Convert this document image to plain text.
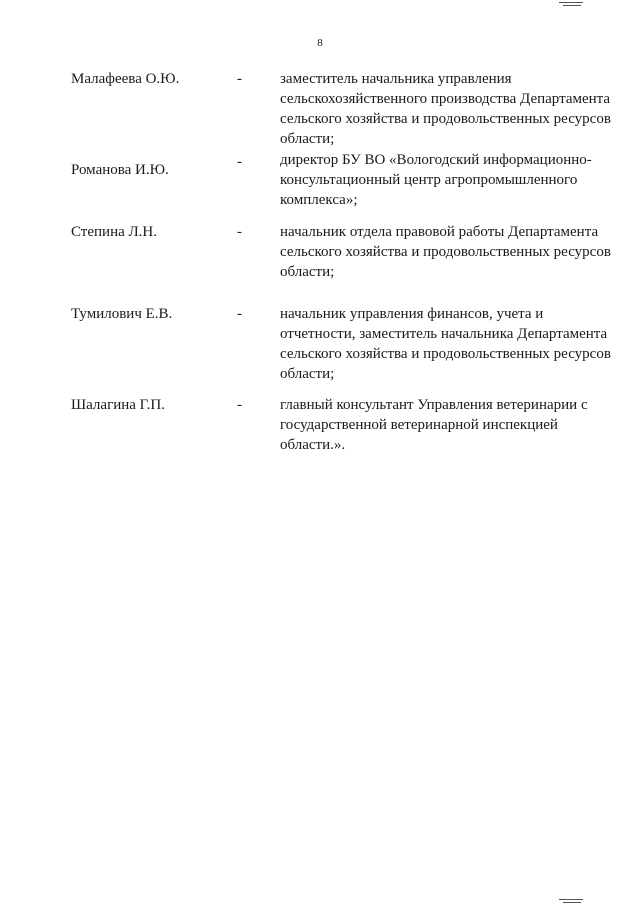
8
Малафеева О.Ю.	-	заместитель начальника управления
сельскохозяйственного производства Департамента
сельского хозяйства и продовольственных ресурсов
области;
Романова И.Ю.	-	директор БУ ВО «Вологодский информационно-
консультационный центр агропромышленного
комплекса»;
Степина Л.Н.	-	начальник отдела правовой работы Департамента
сельского хозяйства и продовольственных ресурсов
области;
Тумилович Е.В.	-	начальник управления финансов, учета и
отчетности, заместитель начальника Департамента
сельского хозяйства и продовольственных ресурсов
области;
Шалагина Г.П.	-	главный консультант Управления ветеринарии с
государственной ветеринарной инспекцией
области.».
